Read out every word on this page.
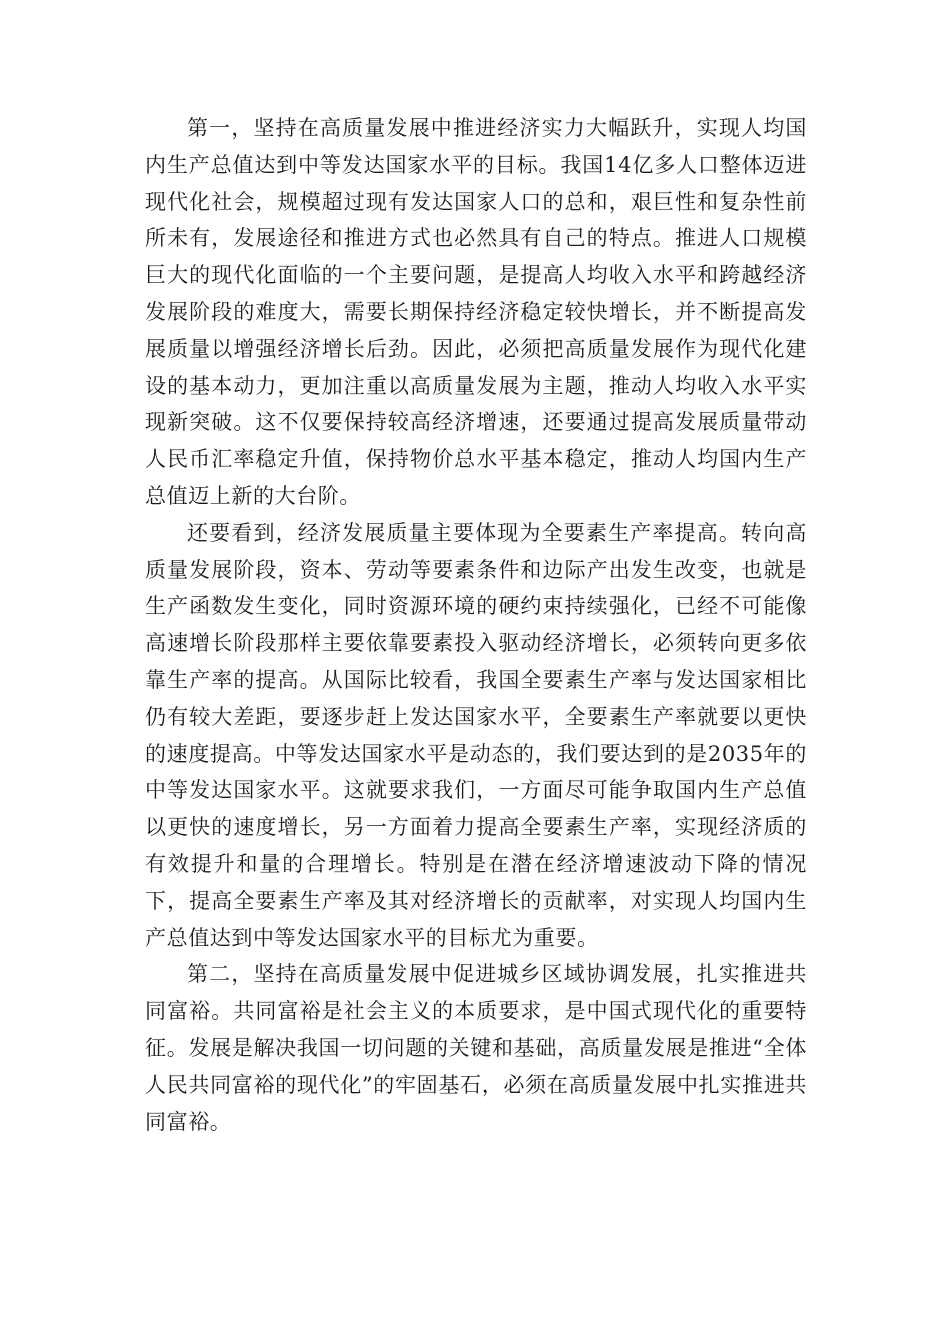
第一，坚持在高质量发展中推进经济实力大幅跃升，实现人均国内生产总值达到中等发达国家水平的目标。我国14亿多人口整体迈进现代化社会，规模超过现有发达国家人口的总和，艰巨性和复杂性前所未有，发展途径和推进方式也必然具有自己的特点。推进人口规模巨大的现代化面临的一个主要问题，是提高人均收入水平和跨越经济发展阶段的难度大，需要长期保持经济稳定较快增长，并不断提高发展质量以增强经济增长后劲。因此，必须把高质量发展作为现代化建设的基本动力，更加注重以高质量发展为主题，推动人均收入水平实现新突破。这不仅要保持较高经济增速，还要通过提高发展质量带动人民币汇率稳定升值，保持物价总水平基本稳定，推动人均国内生产总值迈上新的大台阶。

还要看到，经济发展质量主要体现为全要素生产率提高。转向高质量发展阶段，资本、劳动等要素条件和边际产出发生改变，也就是生产函数发生变化，同时资源环境的硬约束持续强化，已经不可能像高速增长阶段那样主要依靠要素投入驱动经济增长，必须转向更多依靠生产率的提高。从国际比较看，我国全要素生产率与发达国家相比仍有较大差距，要逐步赶上发达国家水平，全要素生产率就要以更快的速度提高。中等发达国家水平是动态的，我们要达到的是2035年的中等发达国家水平。这就要求我们，一方面尽可能争取国内生产总值以更快的速度增长，另一方面着力提高全要素生产率，实现经济质的有效提升和量的合理增长。特别是在潜在经济增速波动下降的情况下，提高全要素生产率及其对经济增长的贡献率，对实现人均国内生产总值达到中等发达国家水平的目标尤为重要。

第二，坚持在高质量发展中促进城乡区域协调发展，扎实推进共同富裕。共同富裕是社会主义的本质要求，是中国式现代化的重要特征。发展是解决我国一切问题的关键和基础，高质量发展是推进“全体人民共同富裕的现代化”的牢固基石，必须在高质量发展中扎实推进共同富裕。
